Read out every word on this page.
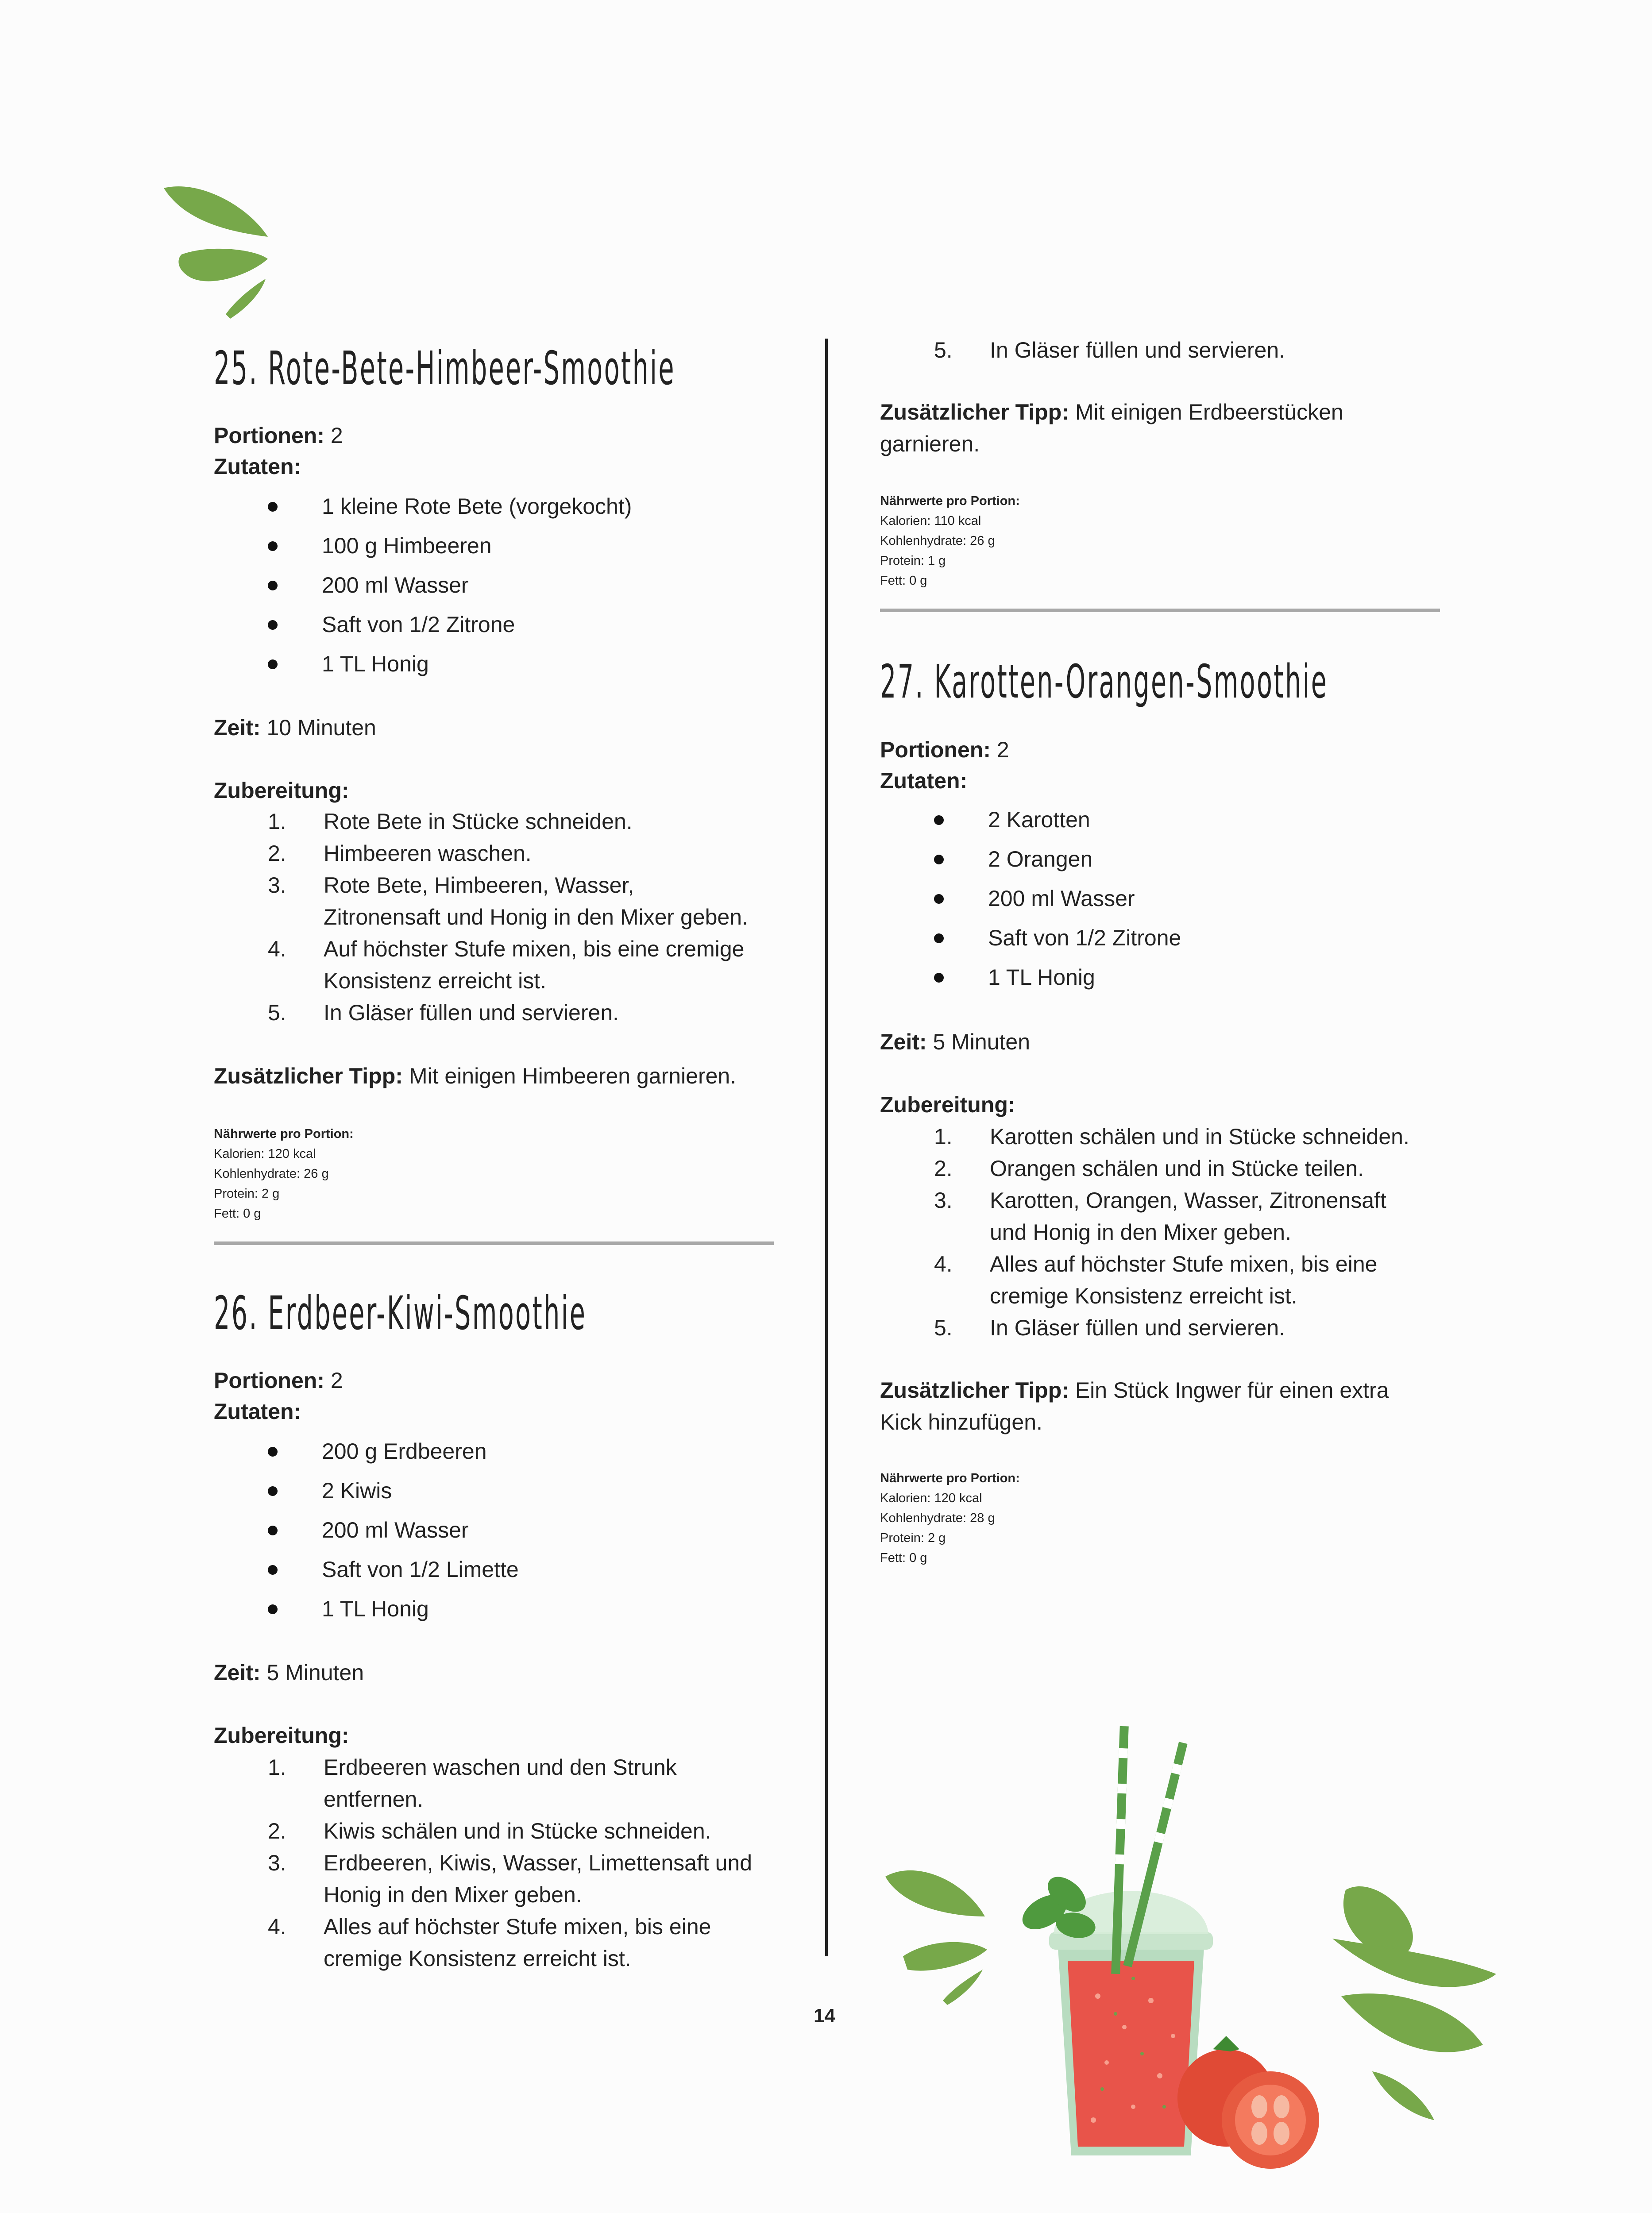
25. Rote-Bete-Himbeer-Smoothie

Portionen: 2

Zutaten:

1 kleine Rote Bete (vorgekocht)
100 g Himbeeren
200 ml Wasser
Saft von 1/2 Zitrone
1 TL Honig

Zeit: 10 Minuten

Zubereitung:

1. Rote Bete in Stücke schneiden.
2. Himbeeren waschen.
3. Rote Bete, Himbeeren, Wasser,
Zitronensaft und Honig in den Mixer geben.
4. Auf höchster Stufe mixen, bis eine cremige
Konsistenz erreicht ist.
5. In Gläser füllen und servieren.

Zusätzlicher Tipp: Mit einigen Himbeeren garnieren.

Nährwerte pro Portion:
Kalorien: 120 kcal
Kohlenhydrate: 26 g
Protein: 2 g
Fett: 0 g
26. Erdbeer-Kiwi-Smoothie

Portionen: 2

Zutaten:

200 g Erdbeeren
2 Kiwis
200 ml Wasser
Saft von 1/2 Limette
1 TL Honig

Zeit: 5 Minuten

Zubereitung:

1. Erdbeeren waschen und den Strunk
entfernen.
2. Kiwis schälen und in Stücke schneiden.
3. Erdbeeren, Kiwis, Wasser, Limettensaft und
Honig in den Mixer geben.
4. Alles auf höchster Stufe mixen, bis eine
cremige Konsistenz erreicht ist.
5. In Gläser füllen und servieren.

Zusätzlicher Tipp: Mit einigen Erdbeerstücken
garnieren.

Nährwerte pro Portion:
Kalorien: 110 kcal
Kohlenhydrate: 26 g
Protein: 1 g
Fett: 0 g
27. Karotten-Orangen-Smoothie

Portionen: 2

Zutaten:

2 Karotten
2 Orangen
200 ml Wasser
Saft von 1/2 Zitrone
1 TL Honig

Zeit: 5 Minuten

Zubereitung:

1. Karotten schälen und in Stücke schneiden.
2. Orangen schälen und in Stücke teilen.
3. Karotten, Orangen, Wasser, Zitronensaft
und Honig in den Mixer geben.
4. Alles auf höchster Stufe mixen, bis eine
cremige Konsistenz erreicht ist.
5. In Gläser füllen und servieren.

Zusätzlicher Tipp: Ein Stück Ingwer für einen extra
Kick hinzufügen.

Nährwerte pro Portion:
Kalorien: 120 kcal
Kohlenhydrate: 28 g
Protein: 2 g
Fett: 0 g
14
